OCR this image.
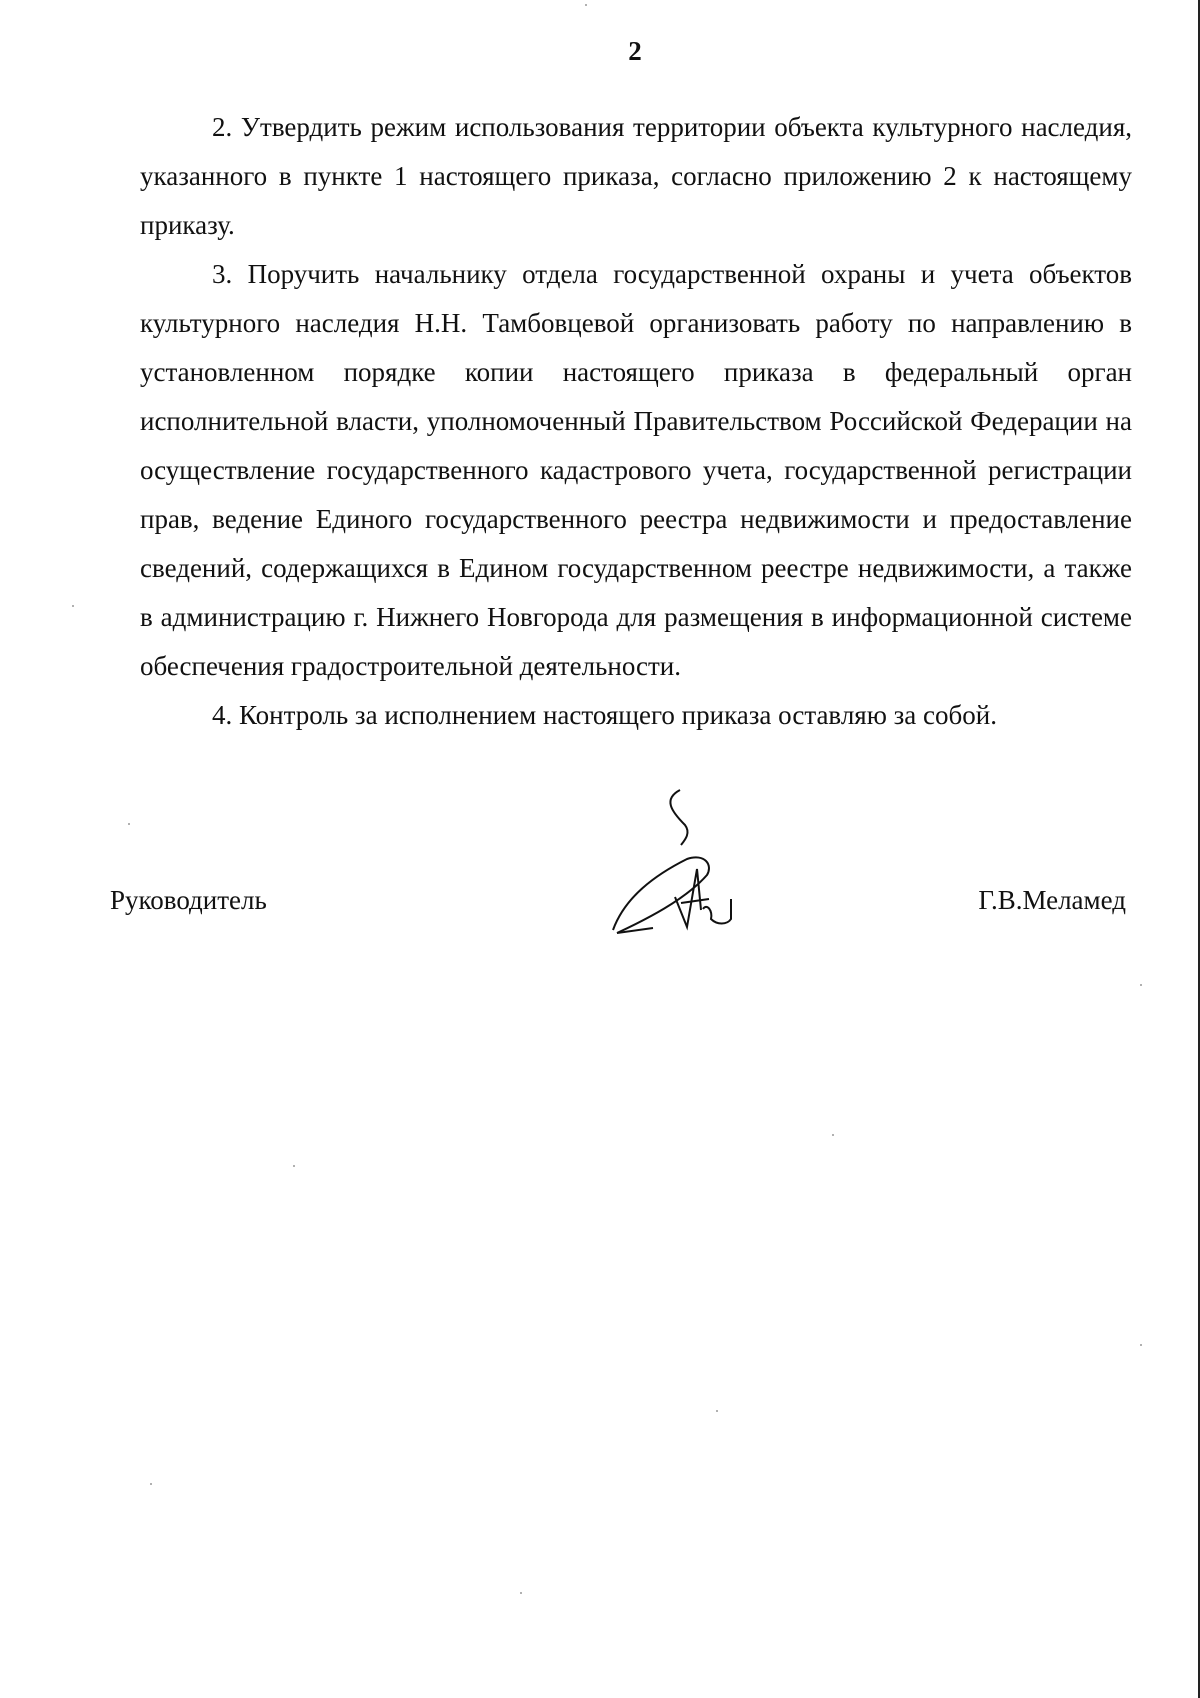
2

2. Утвердить режим использования территории объекта культурного наследия, указанного в пункте 1 настоящего приказа, согласно приложению 2 к настоящему приказу.

3. Поручить начальнику отдела государственной охраны и учета объектов культурного наследия Н.Н. Тамбовцевой организовать работу по направлению в установленном порядке копии настоящего приказа в федеральный орган исполнительной власти, уполномоченный Правительством Российской Федерации на осуществление государственного кадастрового учета, государственной регистрации прав, ведение Единого государственного реестра недвижимости и предоставление сведений, содержащихся в Едином государственном реестре недвижимости, а также в администрацию г. Нижнего Новгорода для размещения в информационной системе обеспечения градостроительной деятельности.

4. Контроль за исполнением настоящего приказа оставляю за собой.

Руководитель	Г.В.Меламед
